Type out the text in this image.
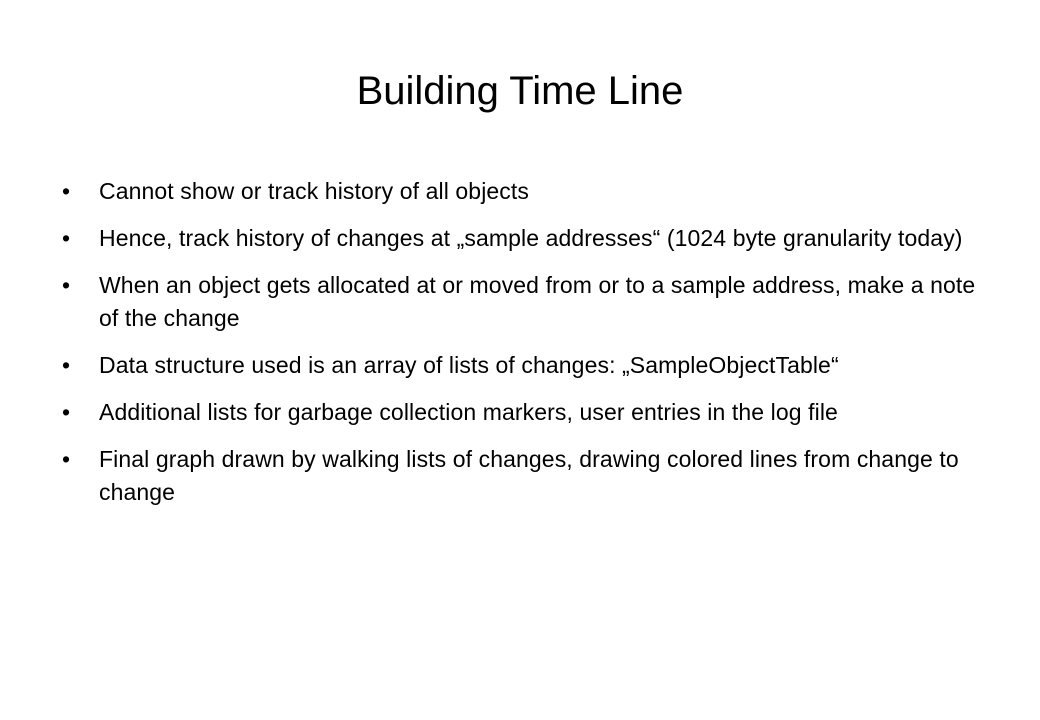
Building Time Line
•	Cannot show or track history of all objects
•	Hence, track history of changes at „sample addresses“ (1024 byte granularity today)
•	When an object gets allocated at or moved from or to a sample address, make a note of the change
•	Data structure used is an array of lists of changes: „SampleObjectTable“
•	Additional lists for garbage collection markers, user entries in the log file
•	Final graph drawn by walking lists of changes, drawing colored lines from change to change
